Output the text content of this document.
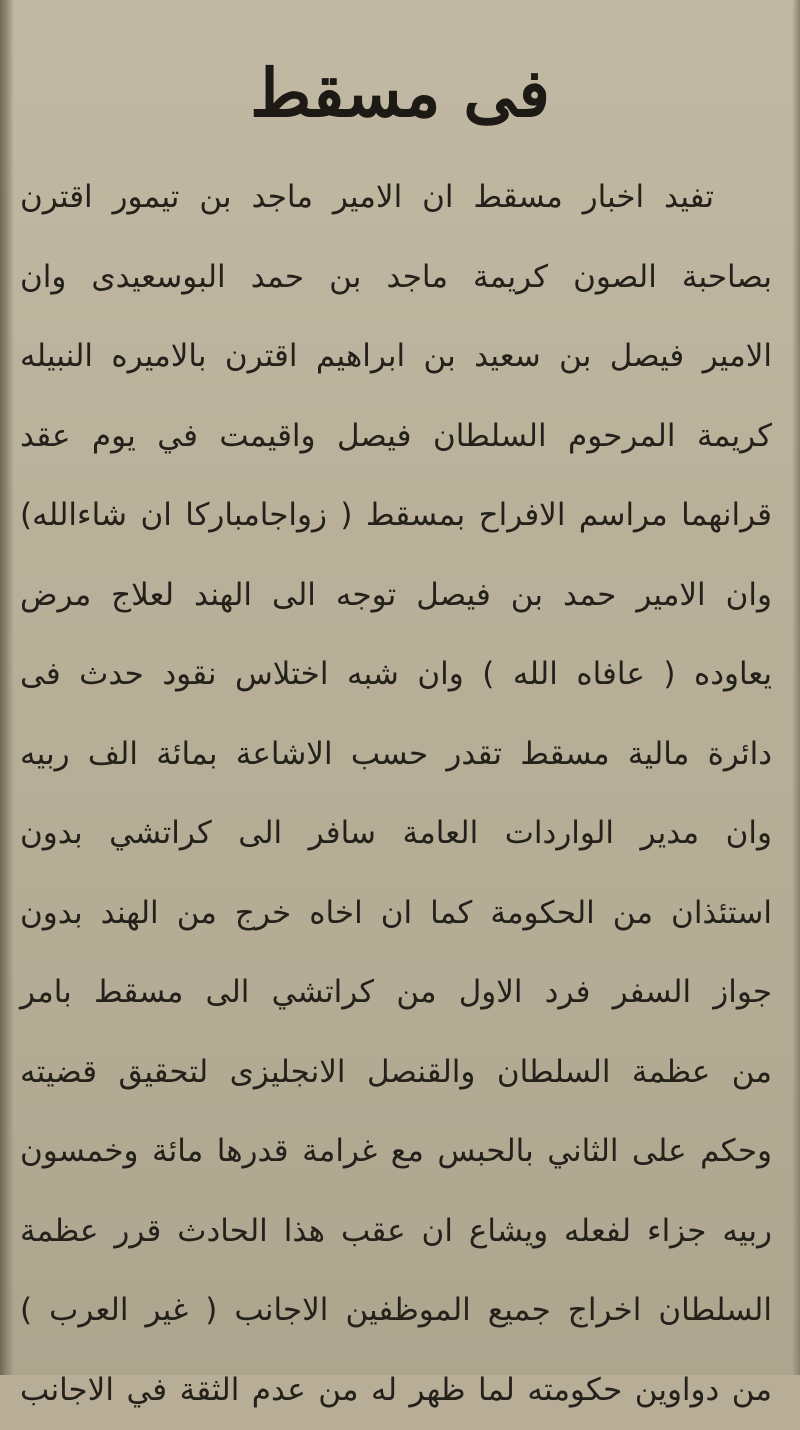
فى مسقط
تفيد اخبار مسقط ان الامير ماجد بن تيمور اقترن
بصاحبة الصون كريمة ماجد بن حمد البوسعيدى وان
الامير فيصل بن سعيد بن ابراهيم اقترن بالاميره النبيله
كريمة المرحوم السلطان فيصل واقيمت في يوم عقد
قرانهما مراسم الافراح بمسقط ( زواجامباركا ان شاءالله)
وان الامير حمد بن فيصل توجه الى الهند لعلاج مرض
يعاوده ( عافاه الله ) وان شبه اختلاس نقود حدث فى
دائرة مالية مسقط تقدر حسب الاشاعة بمائة الف ربيه
وان مدير الواردات العامة سافر الى كراتشي بدون
استئذان من الحكومة كما ان اخاه خرج من الهند بدون
جواز السفر فرد الاول من كراتشي الى مسقط بامر
من عظمة السلطان والقنصل الانجليزى لتحقيق قضيته
وحكم على الثاني بالحبس مع غرامة قدرها مائة وخمسون
ربيه جزاء لفعله ويشاع ان عقب هذا الحادث قرر عظمة
السلطان اخراج جميع الموظفين الاجانب ( غير العرب )
من دواوين حكومته لما ظهر له من عدم الثقة في الاجانب
